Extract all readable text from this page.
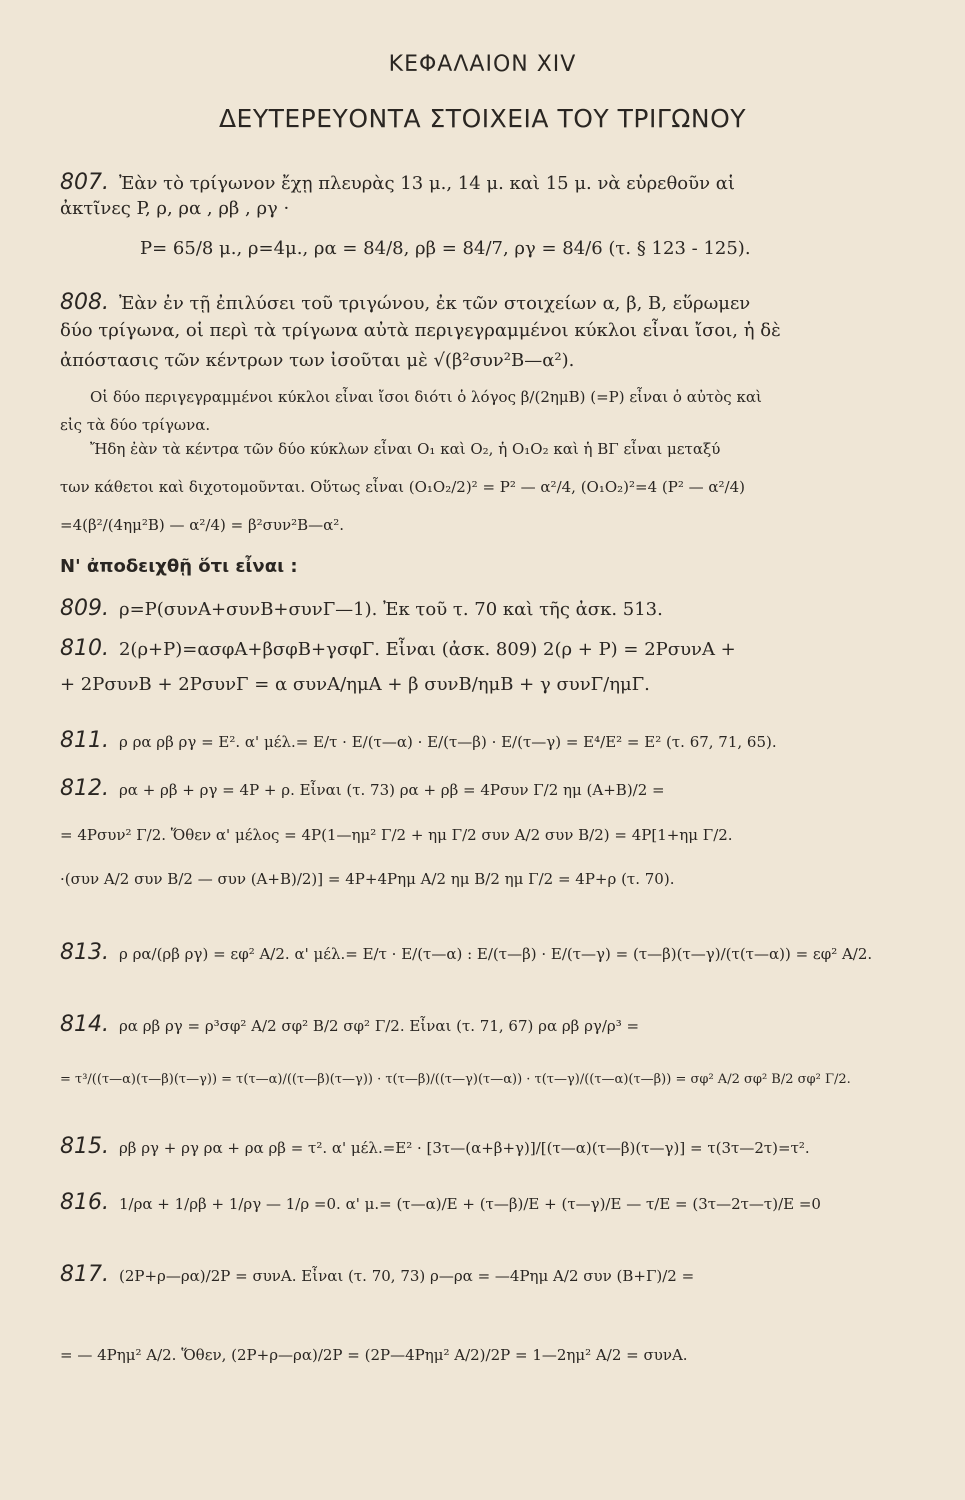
ΚΕΦΑΛΑΙΟΝ XIV
ΔΕΥΤΕΡΕΥΟΝΤΑ ΣΤΟΙΧΕΙΑ ΤΟΥ ΤΡΙΓΩΝΟΥ
807. Ἐὰν τὸ τρίγωνον ἔχῃ πλευρὰς 13 μ., 14 μ. καὶ 15 μ. νὰ εὑρεθοῦν αἱ
ἀκτῖνες P, ρ, ρα , ρβ , ργ ·
P= 65/8 μ., ρ=4μ., ρα = 84/8, ρβ = 84/7, ργ = 84/6 (τ. § 123 - 125).
808. Ἐὰν ἐν τῇ ἐπιλύσει τοῦ τριγώνου, ἐκ τῶν στοιχείων α, β, Β, εὕρωμεν
δύο τρίγωνα, οἱ περὶ τὰ τρίγωνα αὐτὰ περιγεγραμμένοι κύκλοι εἶναι ἴσοι, ἡ δὲ
ἀπόστασις τῶν κέντρων των ἰσοῦται μὲ √(β²συν²Β—α²).
Οἱ δύο περιγεγραμμένοι κύκλοι εἶναι ἴσοι διότι ὁ λόγος β/(2ημΒ) (=P) εἶναι ὁ αὐτὸς καὶ
εἰς τὰ δύο τρίγωνα.
Ἤδη ἐὰν τὰ κέντρα τῶν δύο κύκλων εἶναι O₁ καὶ O₂, ἡ O₁O₂ καὶ ἡ ΒΓ εἶναι μεταξύ
των κάθετοι καὶ διχοτομοῦνται. Οὕτως εἶναι (O₁O₂/2)² = P² — α²/4, (O₁O₂)²=4 (P² — α²/4)
=4(β²/(4ημ²Β) — α²/4) = β²συν²Β—α².
Ν' ἀποδειχθῇ ὅτι εἶναι :
809. ρ=P(συνΑ+συνΒ+συνΓ—1). Ἐκ τοῦ τ. 70 καὶ τῆς ἀσκ. 513.
810. 2(ρ+P)=ασφΑ+βσφΒ+γσφΓ. Εἶναι (ἀσκ. 809) 2(ρ + P) = 2PσυνΑ +
+ 2PσυνΒ + 2PσυνΓ = α συνΑ/ημΑ + β συνΒ/ημΒ + γ συνΓ/ημΓ.
811. ρ ρα ρβ ργ = E². α' μέλ.= E/τ · E/(τ—α) · E/(τ—β) · E/(τ—γ) = E⁴/E² = E² (τ. 67, 71, 65).
812. ρα + ρβ + ργ = 4P + ρ. Εἶναι (τ. 73) ρα + ρβ = 4Pσυν Γ/2 ημ (Α+Β)/2 =
= 4Pσυν² Γ/2. Ὅθεν α' μέλος = 4P(1—ημ² Γ/2 + ημ Γ/2 συν Α/2 συν Β/2) = 4P[1+ημ Γ/2.
·(συν Α/2 συν Β/2 — συν (Α+Β)/2)] = 4P+4Pημ Α/2 ημ Β/2 ημ Γ/2 = 4P+ρ (τ. 70).
813. ρ ρα/(ρβ ργ) = εφ² Α/2. α' μέλ.= E/τ · E/(τ—α) : E/(τ—β) · E/(τ—γ) = (τ—β)(τ—γ)/(τ(τ—α)) = εφ² Α/2.
814. ρα ρβ ργ = ρ³σφ² Α/2 σφ² Β/2 σφ² Γ/2. Εἶναι (τ. 71, 67) ρα ρβ ργ/ρ³ =
= τ³/((τ—α)(τ—β)(τ—γ)) = τ(τ—α)/((τ—β)(τ—γ)) · τ(τ—β)/((τ—γ)(τ—α)) · τ(τ—γ)/((τ—α)(τ—β)) = σφ² Α/2 σφ² Β/2 σφ² Γ/2.
815. ρβ ργ + ργ ρα + ρα ρβ = τ². α' μέλ.=E² · [3τ—(α+β+γ)]/[(τ—α)(τ—β)(τ—γ)] = τ(3τ—2τ)=τ².
816. 1/ρα + 1/ρβ + 1/ργ — 1/ρ =0. α' μ.= (τ—α)/E + (τ—β)/E + (τ—γ)/E — τ/E = (3τ—2τ—τ)/E =0
817. (2P+ρ—ρα)/2P = συνΑ. Εἶναι (τ. 70, 73) ρ—ρα = —4Pημ Α/2 συν (Β+Γ)/2 =
= — 4Pημ² Α/2. Ὅθεν, (2P+ρ—ρα)/2P = (2P—4Pημ² Α/2)/2P = 1—2ημ² Α/2 = συνΑ.
